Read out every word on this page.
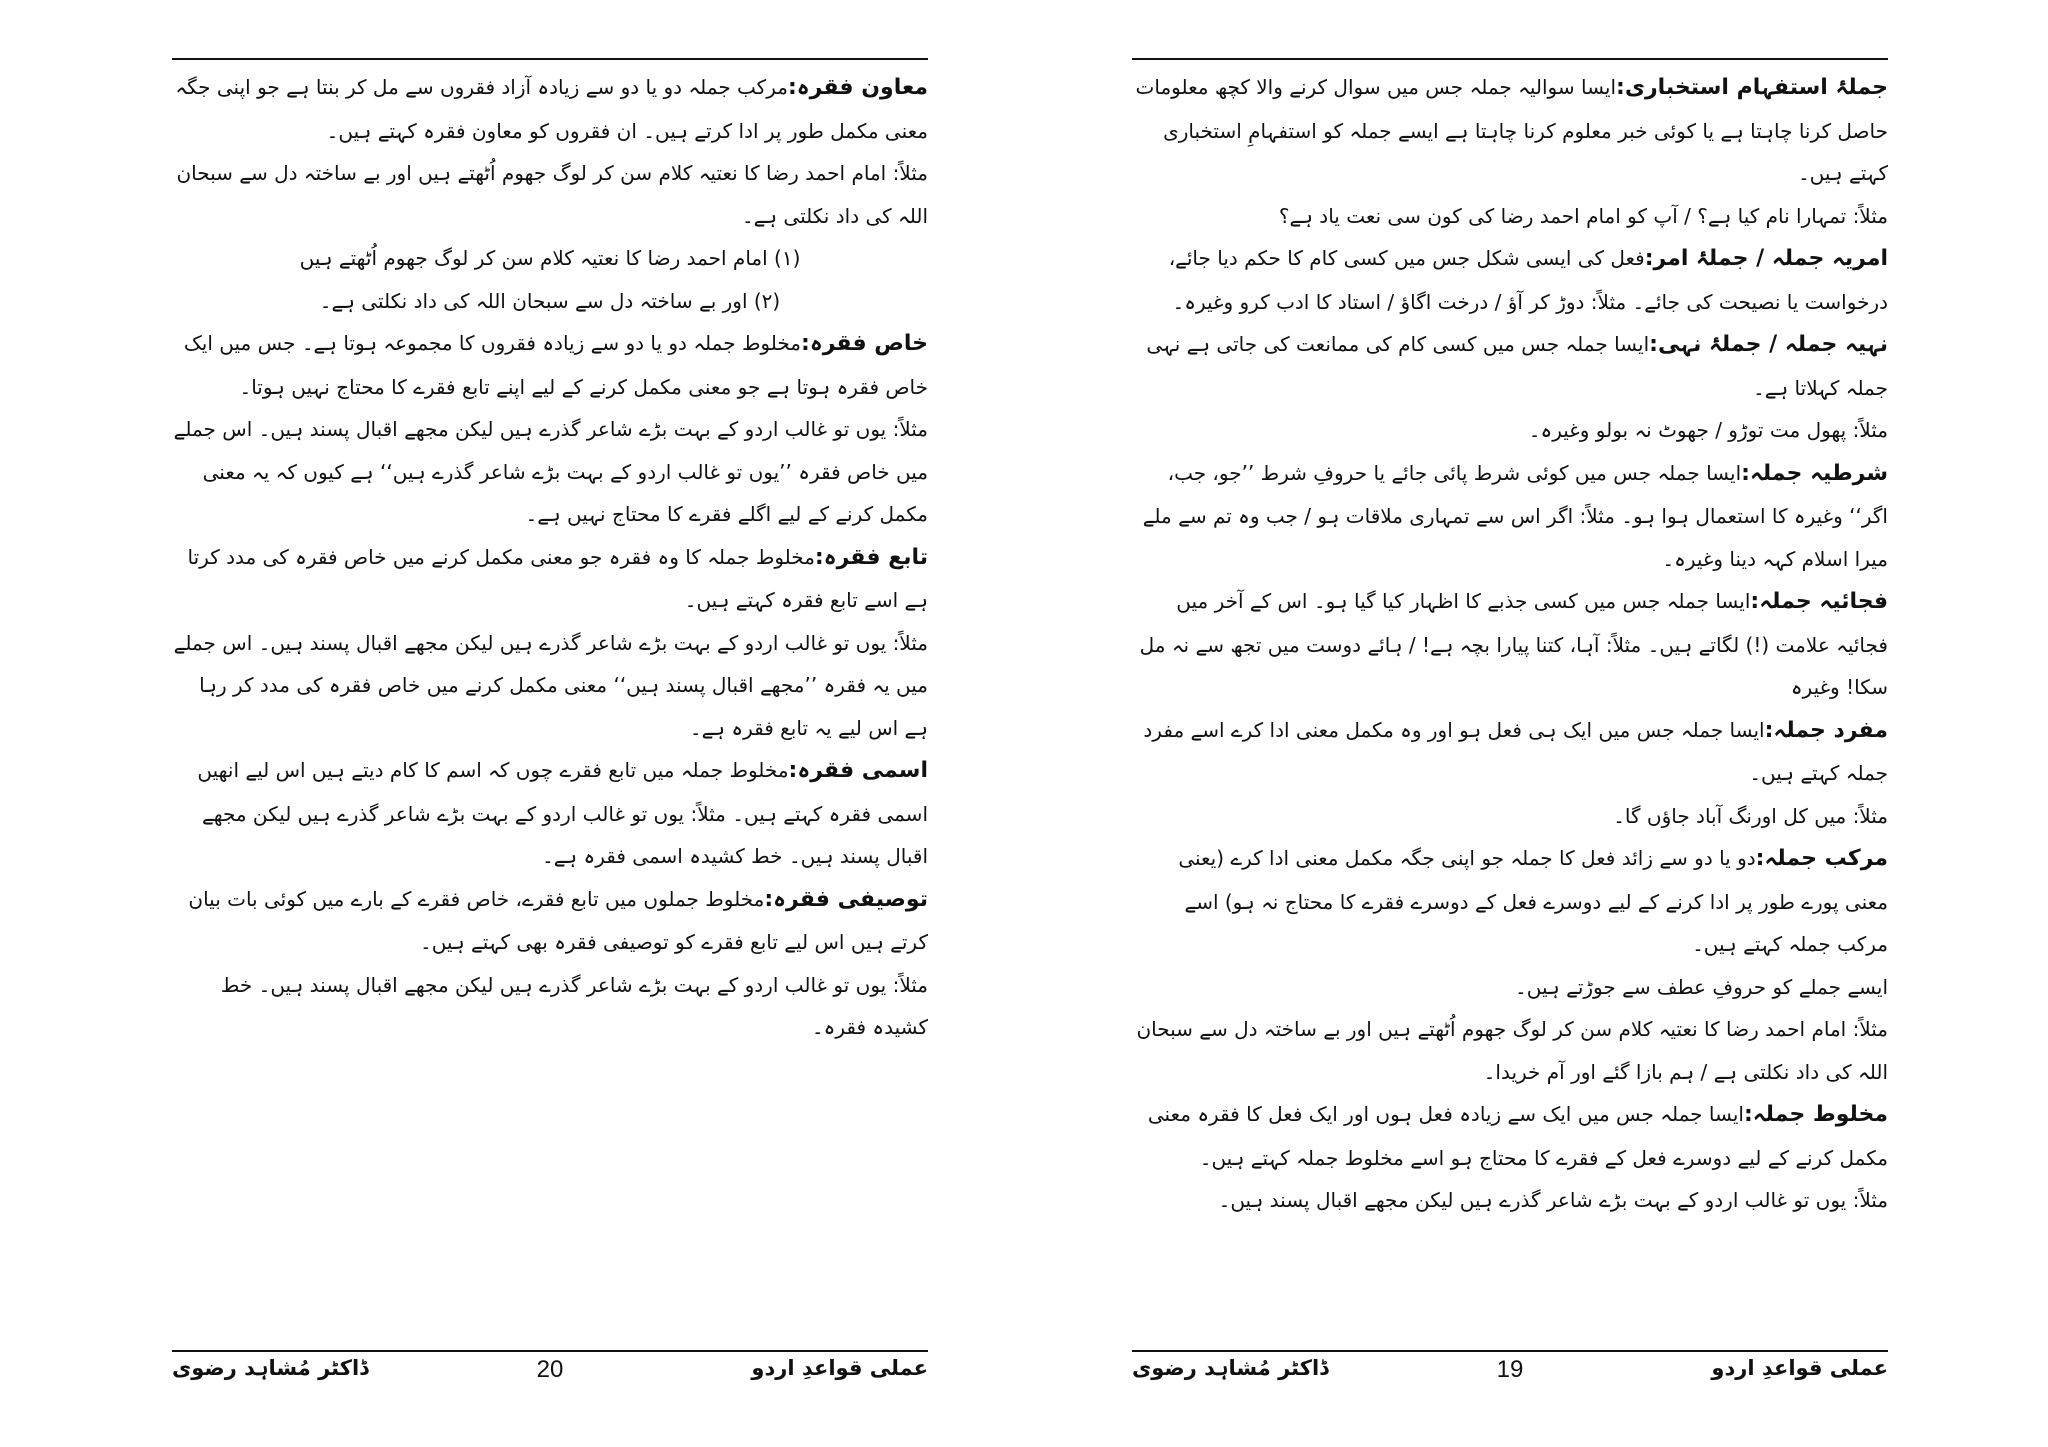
معاون فقرہ:مرکب جملہ دو یا دو سے زیادہ آزاد فقروں سے مل کر بنتا ہے جو اپنی جگہ معنی مکمل طور پر ادا کرتے ہیں۔ ان فقروں کو معاون فقرہ کہتے ہیں۔

مثلاً: امام احمد رضا کا نعتیہ کلام سن کر لوگ جھوم اُٹھتے ہیں اور بے ساختہ دل سے سبحان اللہ کی داد نکلتی ہے۔

(۱) امام احمد رضا کا نعتیہ کلام سن کر لوگ جھوم اُٹھتے ہیں

(۲) اور بے ساختہ دل سے سبحان اللہ کی داد نکلتی ہے۔

خاص فقرہ:مخلوط جملہ دو یا دو سے زیادہ فقروں کا مجموعہ ہوتا ہے۔ جس میں ایک خاص فقرہ ہوتا ہے جو معنی مکمل کرنے کے لیے اپنے تابع فقرے کا محتاج نہیں ہوتا۔

مثلاً: یوں تو غالب اردو کے بہت بڑے شاعر گذرے ہیں لیکن مجھے اقبال پسند ہیں۔ اس جملے میں خاص فقرہ ’’یوں تو غالب اردو کے بہت بڑے شاعر گذرے ہیں‘‘ ہے کیوں کہ یہ معنی مکمل کرنے کے لیے اگلے فقرے کا محتاج نہیں ہے۔

تابع فقرہ:مخلوط جملہ کا وہ فقرہ جو معنی مکمل کرنے میں خاص فقرہ کی مدد کرتا ہے اسے تابع فقرہ کہتے ہیں۔

مثلاً: یوں تو غالب اردو کے بہت بڑے شاعر گذرے ہیں لیکن مجھے اقبال پسند ہیں۔ اس جملے میں یہ فقرہ ’’مجھے اقبال پسند ہیں‘‘ معنی مکمل کرنے میں خاص فقرہ کی مدد کر رہا ہے اس لیے یہ تابع فقرہ ہے۔

اسمی فقرہ:مخلوط جملہ میں تابع فقرے چوں کہ اسم کا کام دیتے ہیں اس لیے انھیں اسمی فقرہ کہتے ہیں۔ مثلاً: یوں تو غالب اردو کے بہت بڑے شاعر گذرے ہیں لیکن مجھے اقبال پسند ہیں۔ خط کشیدہ اسمی فقرہ ہے۔

توصیفی فقرہ:مخلوط جملوں میں تابع فقرے، خاص فقرے کے بارے میں کوئی بات بیان کرتے ہیں اس لیے تابع فقرے کو توصیفی فقرہ بھی کہتے ہیں۔

مثلاً: یوں تو غالب اردو کے بہت بڑے شاعر گذرے ہیں لیکن مجھے اقبال پسند ہیں۔ خط کشیدہ فقرہ۔

عملی قواعدِ اردو
20
ڈاکٹر مُشاہد رضوی

جملۂ استفہام استخباری:ایسا سوالیہ جملہ جس میں سوال کرنے والا کچھ معلومات حاصل کرنا چاہتا ہے یا کوئی خبر معلوم کرنا چاہتا ہے ایسے جملہ کو استفہامِ استخباری کہتے ہیں۔

مثلاً: تمہارا نام کیا ہے؟ / آپ کو امام احمد رضا کی کون سی نعت یاد ہے؟

امریہ جملہ / جملۂ امر:فعل کی ایسی شکل جس میں کسی کام کا حکم دیا جائے، درخواست یا نصیحت کی جائے۔ مثلاً: دوڑ کر آؤ / درخت اگاؤ / استاد کا ادب کرو وغیرہ۔

نہیہ جملہ / جملۂ نہی:ایسا جملہ جس میں کسی کام کی ممانعت کی جاتی ہے نہی جملہ کہلاتا ہے۔

مثلاً: پھول مت توڑو / جھوٹ نہ بولو وغیرہ۔

شرطیہ جملہ:ایسا جملہ جس میں کوئی شرط پائی جائے یا حروفِ شرط ’’جو، جب، اگر‘‘ وغیرہ کا استعمال ہوا ہو۔ مثلاً: اگر اس سے تمہاری ملاقات ہو / جب وہ تم سے ملے میرا اسلام کہہ دینا وغیرہ۔

فجائیہ جملہ:ایسا جملہ جس میں کسی جذبے کا اظہار کیا گیا ہو۔ اس کے آخر میں فجائیہ علامت (!) لگاتے ہیں۔ مثلاً: آہا، کتنا پیارا بچہ ہے! / ہائے دوست میں تجھ سے نہ مل سکا! وغیرہ

مفرد جملہ:ایسا جملہ جس میں ایک ہی فعل ہو اور وہ مکمل معنی ادا کرے اسے مفرد جملہ کہتے ہیں۔

مثلاً: میں کل اورنگ آباد جاؤں گا۔

مرکب جملہ:دو یا دو سے زائد فعل کا جملہ جو اپنی جگہ مکمل معنی ادا کرے (یعنی معنی پورے طور پر ادا کرنے کے لیے دوسرے فعل کے دوسرے فقرے کا محتاج نہ ہو) اسے مرکب جملہ کہتے ہیں۔

ایسے جملے کو حروفِ عطف سے جوڑتے ہیں۔

مثلاً: امام احمد رضا کا نعتیہ کلام سن کر لوگ جھوم اُٹھتے ہیں اور بے ساختہ دل سے سبحان اللہ کی داد نکلتی ہے / ہم بازا گئے اور آم خریدا۔

مخلوط جملہ:ایسا جملہ جس میں ایک سے زیادہ فعل ہوں اور ایک فعل کا فقرہ معنی مکمل کرنے کے لیے دوسرے فعل کے فقرے کا محتاج ہو اسے مخلوط جملہ کہتے ہیں۔

مثلاً: یوں تو غالب اردو کے بہت بڑے شاعر گذرے ہیں لیکن مجھے اقبال پسند ہیں۔

عملی قواعدِ اردو
19
ڈاکٹر مُشاہد رضوی
